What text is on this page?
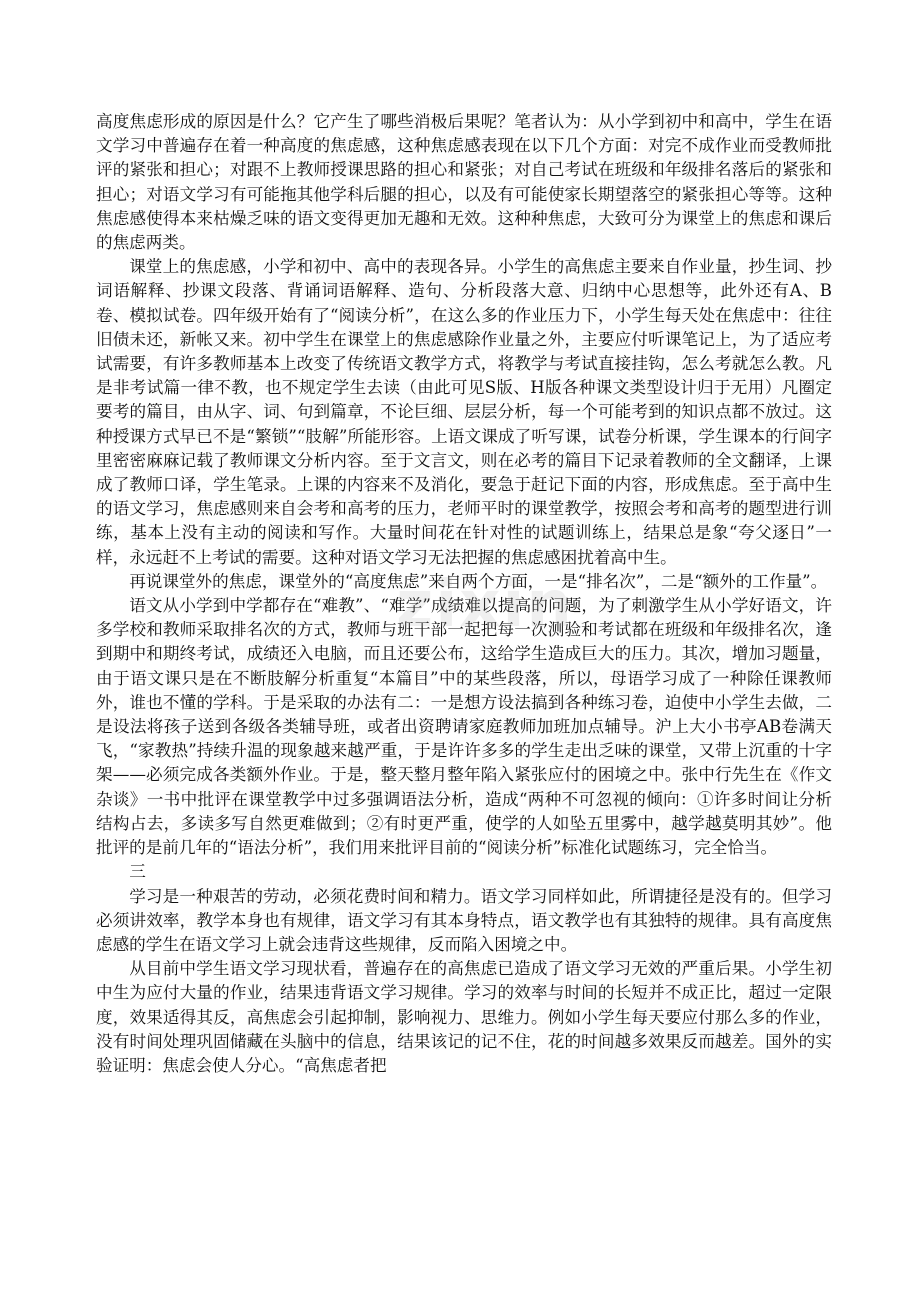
高度焦虑形成的原因是什么？它产生了哪些消极后果呢？笔者认为：从小学到初中和高中，学生在语文学习中普遍存在着一种高度的焦虑感，这种焦虑感表现在以下几个方面：对完不成作业而受教师批评的紧张和担心；对跟不上教师授课思路的担心和紧张；对自己考试在班级和年级排名落后的紧张和担心；对语文学习有可能拖其他学科后腿的担心，以及有可能使家长期望落空的紧张担心等等。这种焦虑感使得本来枯燥乏味的语文变得更加无趣和无效。这种种焦虑，大致可分为课堂上的焦虑和课后的焦虑两类。

课堂上的焦虑感，小学和初中、高中的表现各异。小学生的高焦虑主要来自作业量，抄生词、抄词语解释、抄课文段落、背诵词语解释、造句、分析段落大意、归纳中心思想等，此外还有A、B卷、模拟试卷。四年级开始有了“阅读分析”，在这么多的作业压力下，小学生每天处在焦虑中：往往旧债未还，新帐又来。初中学生在课堂上的焦虑感除作业量之外，主要应付听课笔记上，为了适应考试需要，有许多教师基本上改变了传统语文教学方式，将教学与考试直接挂钩，怎么考就怎么教。凡是非考试篇一律不教，也不规定学生去读（由此可见S版、H版各种课文类型设计归于无用）凡圈定要考的篇目，由从字、词、句到篇章，不论巨细、层层分析，每一个可能考到的知识点都不放过。这种授课方式早已不是“繁锁”“肢解”所能形容。上语文课成了听写课，试卷分析课，学生课本的行间字里密密麻麻记载了教师课文分析内容。至于文言文，则在必考的篇目下记录着教师的全文翻译，上课成了教师口译，学生笔录。上课的内容来不及消化，要急于赶记下面的内容，形成焦虑。至于高中生的语文学习，焦虑感则来自会考和高考的压力，老师平时的课堂教学，按照会考和高考的题型进行训练，基本上没有主动的阅读和写作。大量时间花在针对性的试题训练上，结果总是象“夸父逐日”一样，永远赶不上考试的需要。这种对语文学习无法把握的焦虑感困扰着高中生。

再说课堂外的焦虑，课堂外的“高度焦虑”来自两个方面，一是“排名次”，二是“额外的工作量”。

语文从小学到中学都存在“难教”、“难学”成绩难以提高的问题，为了刺激学生从小学好语文，许多学校和教师采取排名次的方式，教师与班干部一起把每一次测验和考试都在班级和年级排名次，逢到期中和期终考试，成绩还入电脑，而且还要公布，这给学生造成巨大的压力。其次，增加习题量，由于语文课只是在不断肢解分析重复“本篇目”中的某些段落，所以，母语学习成了一种除任课教师外，谁也不懂的学科。于是采取的办法有二：一是想方设法搞到各种练习卷，迫使中小学生去做，二是设法将孩子送到各级各类辅导班，或者出资聘请家庭教师加班加点辅导。沪上大小书亭AB卷满天飞，“家教热”持续升温的现象越来越严重，于是许许多多的学生走出乏味的课堂，又带上沉重的十字架——必须完成各类额外作业。于是，整天整月整年陷入紧张应付的困境之中。张中行先生在《作文杂谈》一书中批评在课堂教学中过多强调语法分析，造成“两种不可忽视的倾向：①许多时间让分析结构占去，多读多写自然更难做到；②有时更严重，使学的人如坠五里雾中，越学越莫明其妙”。他批评的是前几年的“语法分析”，我们用来批评目前的“阅读分析”标准化试题练习，完全恰当。

三

学习是一种艰苦的劳动，必须花费时间和精力。语文学习同样如此，所谓捷径是没有的。但学习必须讲效率，教学本身也有规律，语文学习有其本身特点，语文教学也有其独特的规律。具有高度焦虑感的学生在语文学习上就会违背这些规律，反而陷入困境之中。

从目前中学生语文学习现状看，普遍存在的高焦虑已造成了语文学习无效的严重后果。小学生初中生为应付大量的作业，结果违背语文学习规律。学习的效率与时间的长短并不成正比，超过一定限度，效果适得其反，高焦虑会引起抑制，影响视力、思维力。例如小学生每天要应付那么多的作业，没有时间处理巩固储藏在头脑中的信息，结果该记的记不住，花的时间越多效果反而越差。国外的实验证明：焦虑会使人分心。“高焦虑者把

zixin
